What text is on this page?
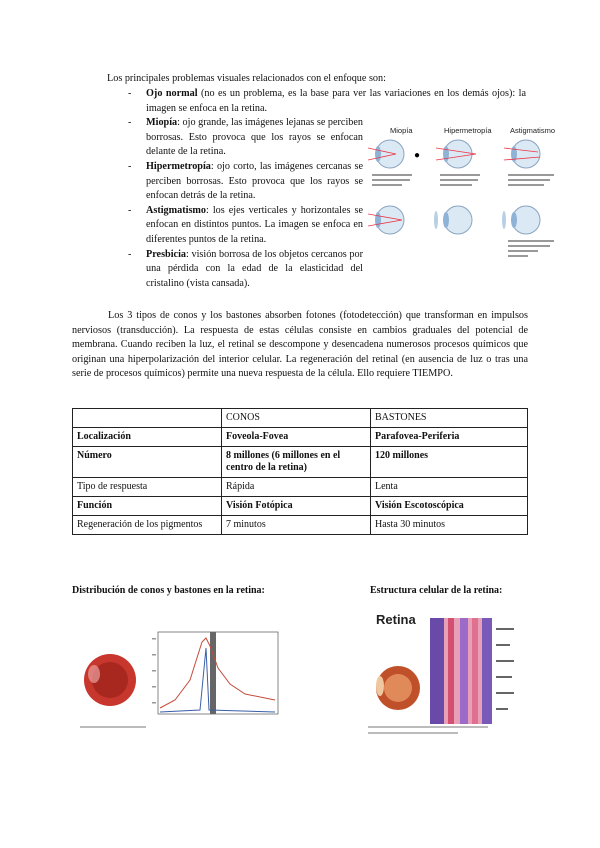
Los principales problemas visuales relacionados con el enfoque son:

- Ojo normal (no es un problema, es la base para ver las variaciones en los demás ojos): la imagen se enfoca en la retina.
- Miopía: ojo grande, las imágenes lejanas se perciben borrosas. Esto provoca que los rayos se enfocan delante de la retina.
- Hipermetropía: ojo corto, las imágenes cercanas se perciben borrosas. Esto provoca que los rayos se enfocan detrás de la retina.
- Astigmatismo: los ejes verticales y horizontales se enfocan en distintos puntos. La imagen se enfoca en diferentes puntos de la retina.
- Presbicia: visión borrosa de los objetos cercanos por una pérdida con la edad de la elasticidad del cristalino (vista cansada).
Miopía	Hipermetropía Astigmatismo
●

Los 3 tipos de conos y los bastones absorben fotones (fotodetección) que transforman en impulsos nerviosos (transducción). La respuesta de estas células consiste en cambios graduales del potencial de membrana. Cuando reciben la luz, el retinal se descompone y desencadena numerosos procesos químicos que originan una hiperpolarización del interior celular. La regeneración del retinal (en ausencia de luz o tras una serie de procesos químicos) permite una nueva respuesta de la célula. Ello requiere TIEMPO.

	CONOS	BASTONES
Localización	Foveola-Fovea	Parafovea-Periferia
Número	8 millones (6 millones en el centro de la retina)	120 millones
Tipo de respuesta	Rápida	Lenta
Función	Visión Fotópica	Visión Escotoscópica
Regeneración de los pigmentos	7 minutos	Hasta 30 minutos

Distribución de conos y bastones en la retina:	Estructura celular de la retina:

Retina
